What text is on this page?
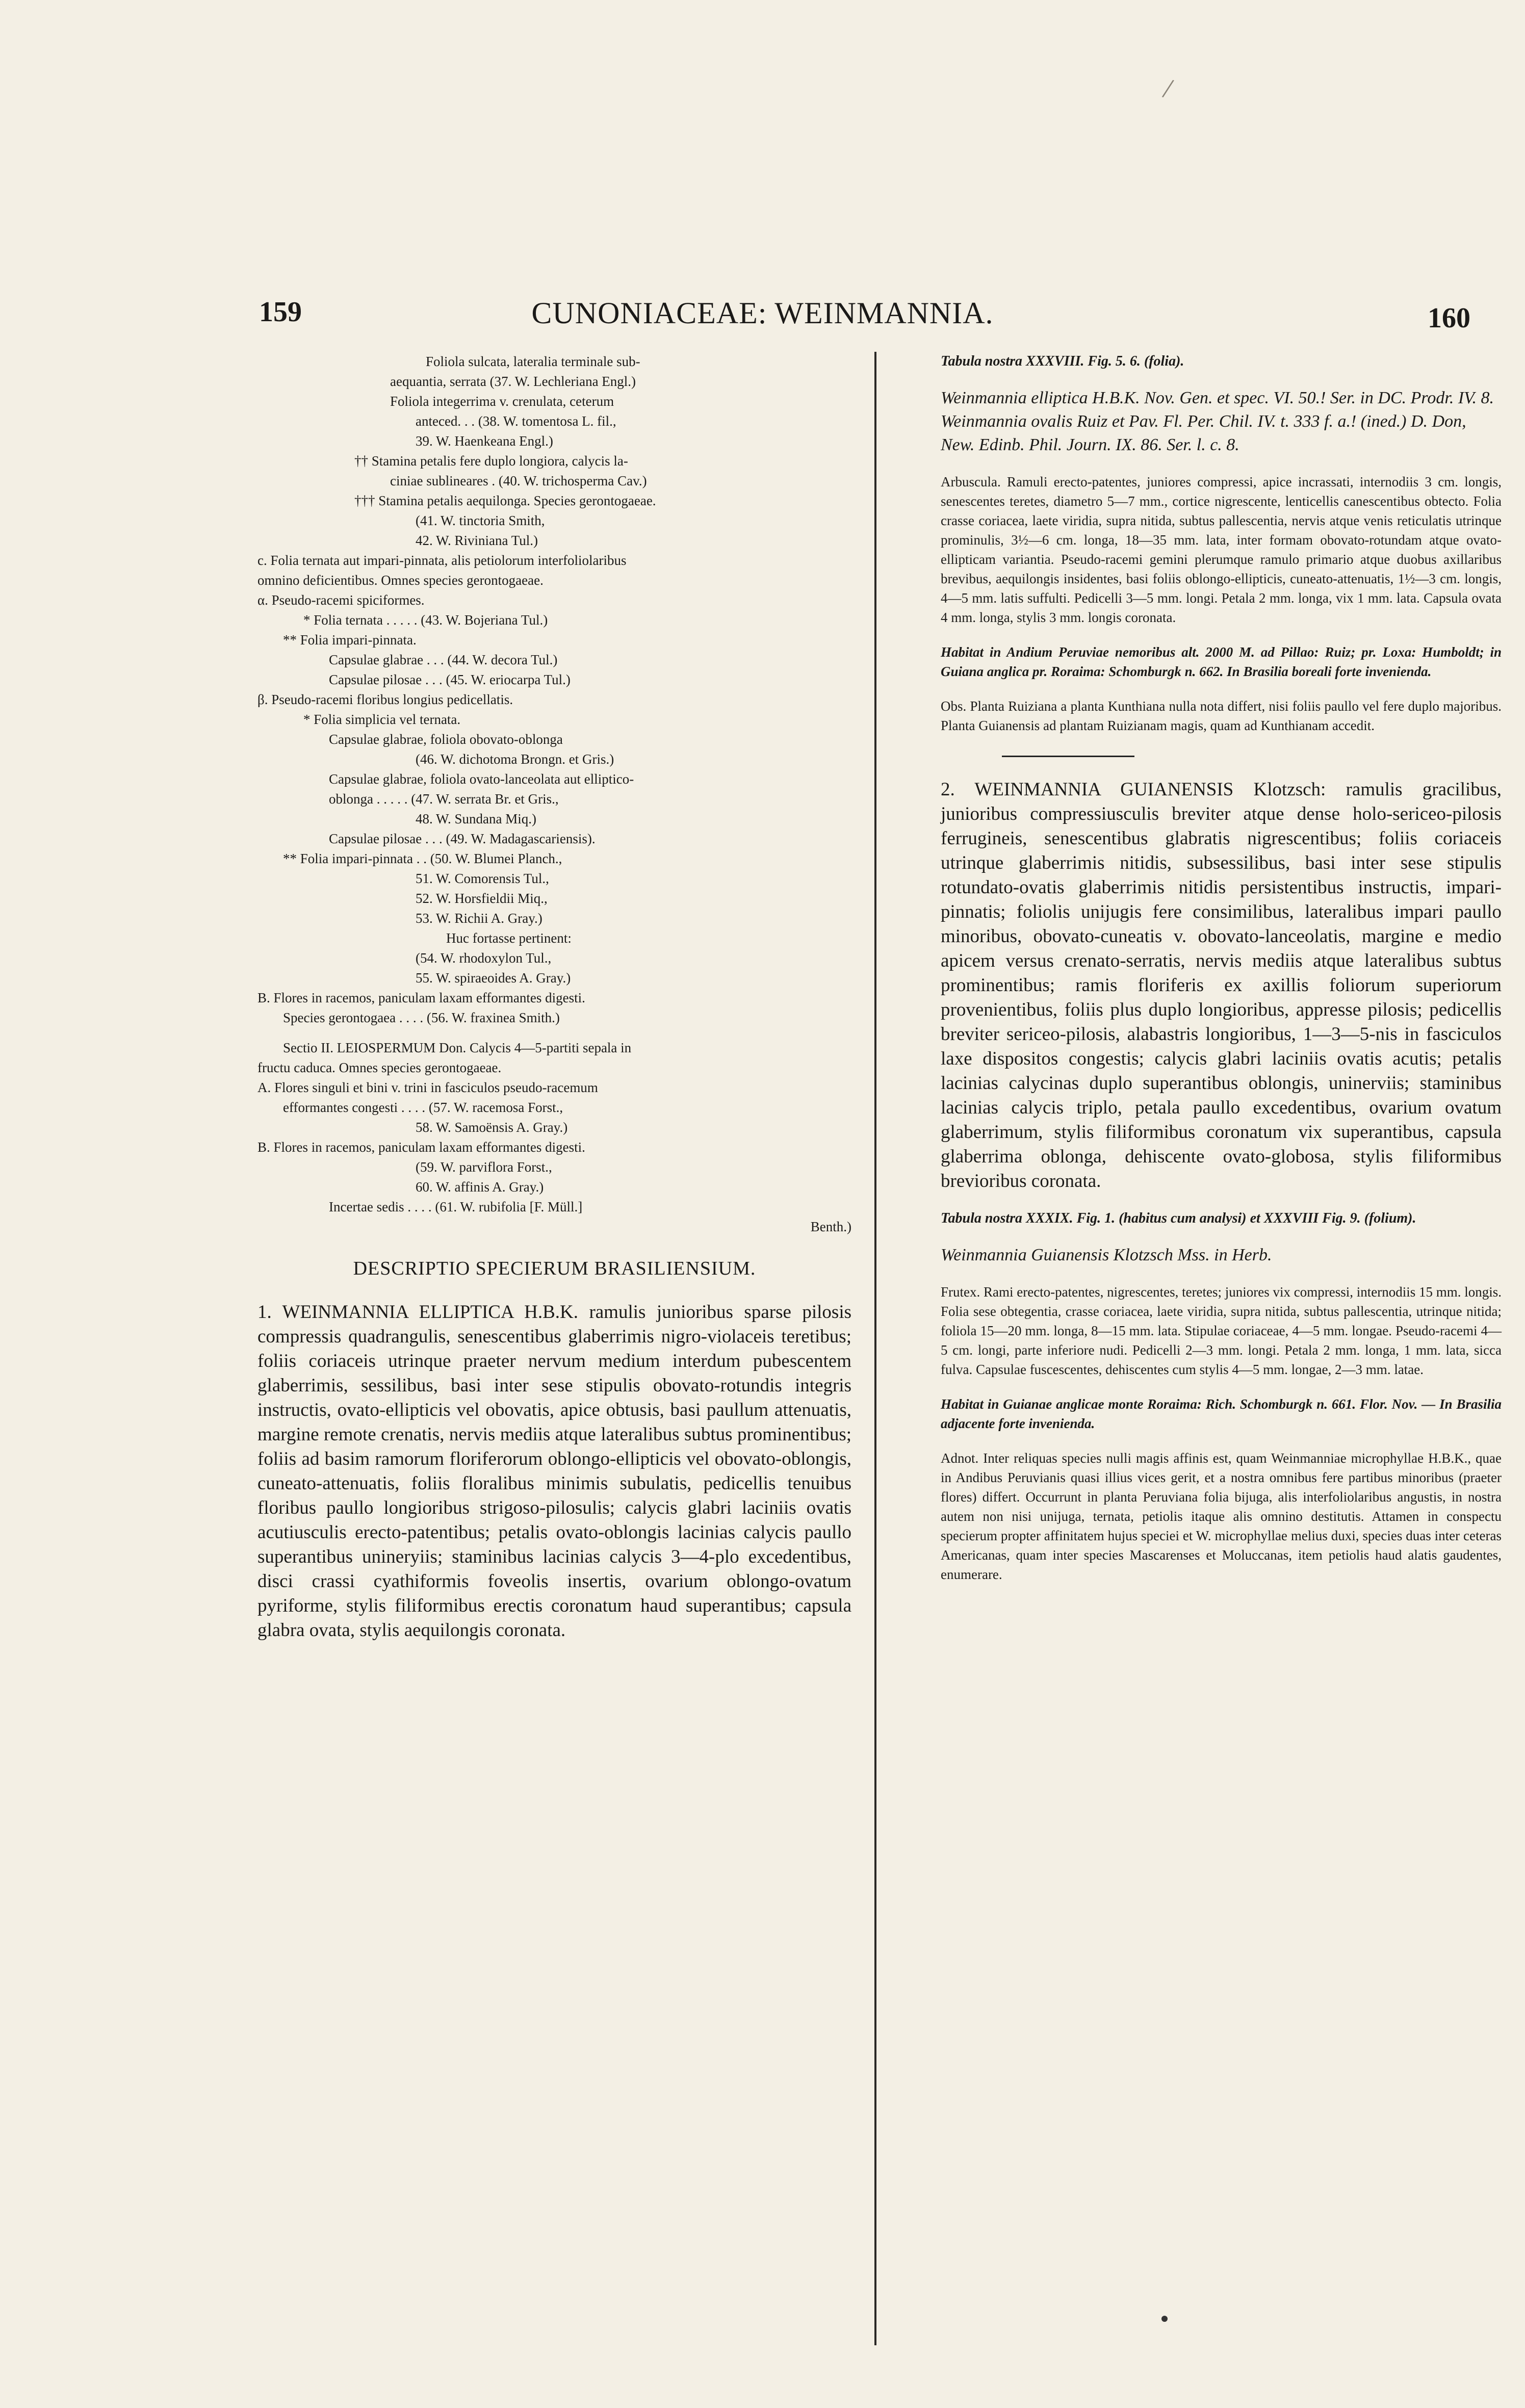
/
159	CUNONIACEAE: WEINMANNIA.	160
Foliola sulcata, lateralia terminale sub-
aequantia, serrata (37. W. Lechleriana Engl.)
Foliola integerrima v. crenulata, ceterum
anteced. . . (38. W. tomentosa L. fil.,
39. W. Haenkeana Engl.)
†† Stamina petalis fere duplo longiora, calycis la-
ciniae sublineares . (40. W. trichosperma Cav.)
††† Stamina petalis aequilonga. Species gerontogaeae.
(41. W. tinctoria Smith,
42. W. Riviniana Tul.)
c. Folia ternata aut impari-pinnata, alis petiolorum interfoliolaribus
omnino deficientibus. Omnes species gerontogaeae.
α. Pseudo-racemi spiciformes.
* Folia ternata . . . . . (43. W. Bojeriana Tul.)
** Folia impari-pinnata.
Capsulae glabrae . . . (44. W. decora Tul.)
Capsulae pilosae . . . (45. W. eriocarpa Tul.)
β. Pseudo-racemi floribus longius pedicellatis.
* Folia simplicia vel ternata.
Capsulae glabrae, foliola obovato-oblonga
(46. W. dichotoma Brongn. et Gris.)
Capsulae glabrae, foliola ovato-lanceolata aut elliptico-
oblonga . . . . . (47. W. serrata Br. et Gris.,
48. W. Sundana Miq.)
Capsulae pilosae . . . (49. W. Madagascariensis).
** Folia impari-pinnata . . (50. W. Blumei Planch.,
51. W. Comorensis Tul.,
52. W. Horsfieldii Miq.,
53. W. Richii A. Gray.)
Huc fortasse pertinent:
(54. W. rhodoxylon Tul.,
55. W. spiraeoides A. Gray.)
B. Flores in racemos, paniculam laxam efformantes digesti.
Species gerontogaea . . . . (56. W. fraxinea Smith.)
Sectio II. LEIOSPERMUM Don. Calycis 4—5-partiti sepala in
fructu caduca. Omnes species gerontogaeae.
A. Flores singuli et bini v. trini in fasciculos pseudo-racemum
efformantes congesti . . . . (57. W. racemosa Forst.,
58. W. Samoënsis A. Gray.)
B. Flores in racemos, paniculam laxam efformantes digesti.
(59. W. parviflora Forst.,
60. W. affinis A. Gray.)
Incertae sedis . . . . (61. W. rubifolia [F. Müll.]
Benth.)
DESCRIPTIO SPECIERUM BRASILIENSIUM.

1. WEINMANNIA ELLIPTICA H.B.K. ramulis junioribus sparse pilosis compressis quadrangulis, senescentibus glaberrimis nigro-violaceis teretibus; foliis coriaceis utrinque praeter nervum medium interdum pubescentem glaberrimis, sessilibus, basi inter sese stipulis obovato-rotundis integris instructis, ovato-ellipticis vel obovatis, apice obtusis, basi paullum attenuatis, margine remote crenatis, nervis mediis atque lateralibus subtus prominentibus; foliis ad basim ramorum floriferorum oblongo-ellipticis vel obovato-oblongis, cuneato-attenuatis, foliis floralibus minimis subulatis, pedicellis tenuibus floribus paullo longioribus strigoso-pilosulis; calycis glabri laciniis ovatis acutiusculis erecto-patentibus; petalis ovato-oblongis lacinias calycis paullo superantibus unineryiis; staminibus lacinias calycis 3—4-plo excedentibus, disci crassi cyathiformis foveolis insertis, ovarium oblongo-ovatum pyriforme, stylis filiformibus erectis coronatum haud superantibus; capsula glabra ovata, stylis aequilongis coronata.

Tabula nostra XXXVIII. Fig. 5. 6. (folia).

Weinmannia elliptica H.B.K. Nov. Gen. et spec. VI. 50.! Ser. in DC. Prodr. IV. 8.

Weinmannia ovalis Ruiz et Pav. Fl. Per. Chil. IV. t. 333 f. a.! (ined.) D. Don, New. Edinb. Phil. Journ. IX. 86. Ser. l. c. 8.

Arbuscula. Ramuli erecto-patentes, juniores compressi, apice incrassati, internodiis 3 cm. longis, senescentes teretes, diametro 5—7 mm., cortice nigrescente, lenticellis canescentibus obtecto. Folia crasse coriacea, laete viridia, supra nitida, subtus pallescentia, nervis atque venis reticulatis utrinque prominulis, 3½—6 cm. longa, 18—35 mm. lata, inter formam obovato-rotundam atque ovato-ellipticam variantia. Pseudo-racemi gemini plerumque ramulo primario atque duobus axillaribus brevibus, aequilongis insidentes, basi foliis oblongo-ellipticis, cuneato-attenuatis, 1½—3 cm. longis, 4—5 mm. latis suffulti. Pedicelli 3—5 mm. longi. Petala 2 mm. longa, vix 1 mm. lata. Capsula ovata 4 mm. longa, stylis 3 mm. longis coronata.

Habitat in Andium Peruviae nemoribus alt. 2000 M. ad Pillao: Ruiz; pr. Loxa: Humboldt; in Guiana anglica pr. Roraima: Schomburgk n. 662. In Brasilia boreali forte invenienda.

Obs. Planta Ruiziana a planta Kunthiana nulla nota differt, nisi foliis paullo vel fere duplo majoribus. Planta Guianensis ad plantam Ruizianam magis, quam ad Kunthianam accedit.

2. WEINMANNIA GUIANENSIS Klotzsch: ramulis gracilibus, junioribus compressiusculis breviter atque dense holo-sericeo-pilosis ferrugineis, senescentibus glabratis nigrescentibus; foliis coriaceis utrinque glaberrimis nitidis, subsessilibus, basi inter sese stipulis rotundato-ovatis glaberrimis nitidis persistentibus instructis, impari-pinnatis; foliolis unijugis fere consimilibus, lateralibus impari paullo minoribus, obovato-cuneatis v. obovato-lanceolatis, margine e medio apicem versus crenato-serratis, nervis mediis atque lateralibus subtus prominentibus; ramis floriferis ex axillis foliorum superiorum provenientibus, foliis plus duplo longioribus, appresse pilosis; pedicellis breviter sericeo-pilosis, alabastris longioribus, 1—3—5-nis in fasciculos laxe dispositos congestis; calycis glabri laciniis ovatis acutis; petalis lacinias calycinas duplo superantibus oblongis, uninerviis; staminibus lacinias calycis triplo, petala paullo excedentibus, ovarium ovatum glaberrimum, stylis filiformibus coronatum vix superantibus, capsula glaberrima oblonga, dehiscente ovato-globosa, stylis filiformibus brevioribus coronata.

Tabula nostra XXXIX. Fig. 1. (habitus cum analysi) et XXXVIII Fig. 9. (folium).

Weinmannia Guianensis Klotzsch Mss. in Herb.

Frutex. Rami erecto-patentes, nigrescentes, teretes; juniores vix compressi, internodiis 15 mm. longis. Folia sese obtegentia, crasse coriacea, laete viridia, supra nitida, subtus pallescentia, utrinque nitida; foliola 15—20 mm. longa, 8—15 mm. lata. Stipulae coriaceae, 4—5 mm. longae. Pseudo-racemi 4—5 cm. longi, parte inferiore nudi. Pedicelli 2—3 mm. longi. Petala 2 mm. longa, 1 mm. lata, sicca fulva. Capsulae fuscescentes, dehiscentes cum stylis 4—5 mm. longae, 2—3 mm. latae.

Habitat in Guianae anglicae monte Roraima: Rich. Schomburgk n. 661. Flor. Nov. — In Brasilia adjacente forte invenienda.

Adnot. Inter reliquas species nulli magis affinis est, quam Weinmanniae microphyllae H.B.K., quae in Andibus Peruvianis quasi illius vices gerit, et a nostra omnibus fere partibus minoribus (praeter flores) differt. Occurrunt in planta Peruviana folia bijuga, alis interfoliolaribus angustis, in nostra autem non nisi unijuga, ternata, petiolis itaque alis omnino destitutis. Attamen in conspectu specierum propter affinitatem hujus speciei et W. microphyllae melius duxi, species duas inter ceteras Americanas, quam inter species Mascarenses et Moluccanas, item petiolis haud alatis gaudentes, enumerare.
